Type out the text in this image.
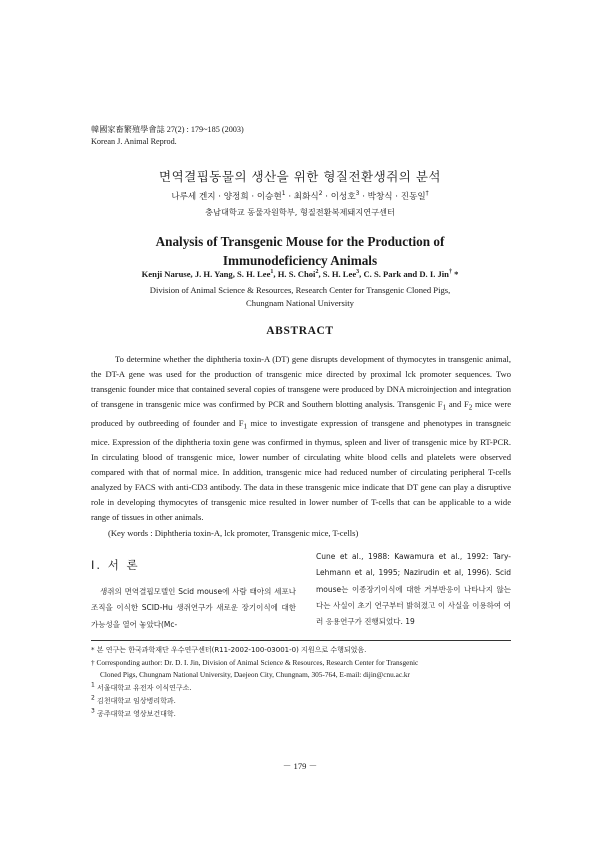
韓國家畜繁殖學會誌 27(2) : 179~185 (2003)
Korean J. Animal Reprod.
면역결핍동물의 생산을 위한 형질전환생쥐의 분석
나루세 겐지 · 양정희 · 이승현$^1$ · 최화식$^2$ · 이성호$^3$ · 박창식 · 진동일†
충남대학교 동물자원학부, 형질전환복제돼지연구센터
Analysis of Transgenic Mouse for the Production of
Immunodeficiency Animals
Kenji Naruse, J. H. Yang, S. H. Lee$^1$, H. S. Choi$^2$, S. H. Lee$^3$, C. S. Park and D. I. Jin† *
Division of Animal Science & Resources, Research Center for Transgenic Cloned Pigs,
Chungnam National University
ABSTRACT

To determine whether the diphtheria toxin-A (DT) gene disrupts development of thymocytes in transgenic animal, the DT-A gene was used for the production of transgenic mice directed by proximal lck promoter sequences. Two transgenic founder mice that contained several copies of transgene were produced by DNA microinjection and integration of transgene in transgenic mice was confirmed by PCR and Southern blotting analysis. Transgenic $F_1$ and $F_2$ mice were produced by outbreeding of founder and $F_1$ mice to investigate expression of transgene and phenotypes in transgneic mice. Expression of the diphtheria toxin gene was confirmed in thymus, spleen and liver of transgenic mice by RT-PCR. In circulating blood of transgenic mice, lower number of circulating white blood cells and platelets were observed compared with that of normal mice. In addition, transgenic mice had reduced number of circulating peripheral T-cells analyzed by FACS with anti-CD3 antibody. The data in these transgenic mice indicate that DT gene can play a disruptive role in developing thymocytes of transgenic mice resulted in lower number of T-cells that can be applicable to a wide range of tissues in other animals.

(Key words : Diphtheria toxin-A, lck promoter, Transgenic mice, T-cells)
Ⅰ. 서 론

생쥐의 면역결핍모델인 Scid mouse에 사람 태아의 세포나 조직을 이식한 SCID-Hu 생쥐연구가 새로운 장기이식에 대한 가능성을 열어 놓았다(Mc-

Cune et al., 1988: Kawamura et al., 1992: Tary-Lehmann et al, 1995; Nazirudin et al, 1996). Scid mouse는 이종장기이식에 대한 거부반응이 나타나지 않는다는 사실이 초기 연구부터 밝혀졌고 이 사실을 이용하여 여러 응용연구가 진행되었다. 19

* 본 연구는 한국과학재단 우수연구센터(R11-2002-100-03001-0) 지원으로 수행되었음.
† Corresponding author: Dr. D. I. Jin, Division of Animal Science & Resources, Research Center for Transgenic
Cloned Pigs, Chungnam National University, Daejeon City, Chungnam, 305-764, E-mail: dijin@cnu.ac.kr
$^1$ 서울대학교 유전자 이식연구소.
$^2$ 김천대학교 임상병리학과.
$^3$ 공주대학교 영상보건대학.
－ 179 －
